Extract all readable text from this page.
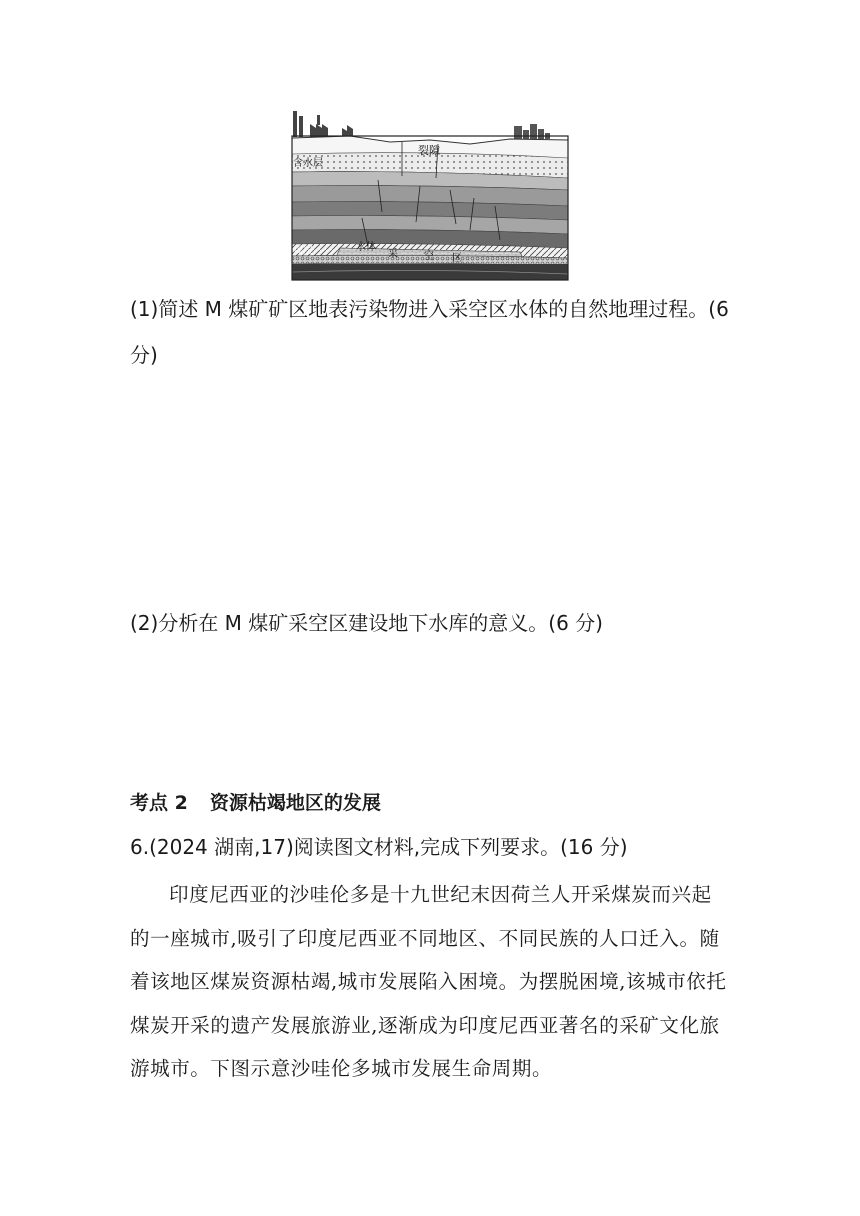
裂隙
含水层
煤层	水体
采	空 区

(1)简述 M 煤矿矿区地表污染物进入采空区水体的自然地理过程。(6 分)

(2)分析在 M 煤矿采空区建设地下水库的意义。(6 分)

考点 2 资源枯竭地区的发展

6.(2024 湖南,17)阅读图文材料,完成下列要求。(16 分)

印度尼西亚的沙哇伦多是十九世纪末因荷兰人开采煤炭而兴起的一座城市,吸引了印度尼西亚不同地区、不同民族的人口迁入。随着该地区煤炭资源枯竭,城市发展陷入困境。为摆脱困境,该城市依托煤炭开采的遗产发展旅游业,逐渐成为印度尼西亚著名的采矿文化旅游城市。下图示意沙哇伦多城市发展生命周期。
